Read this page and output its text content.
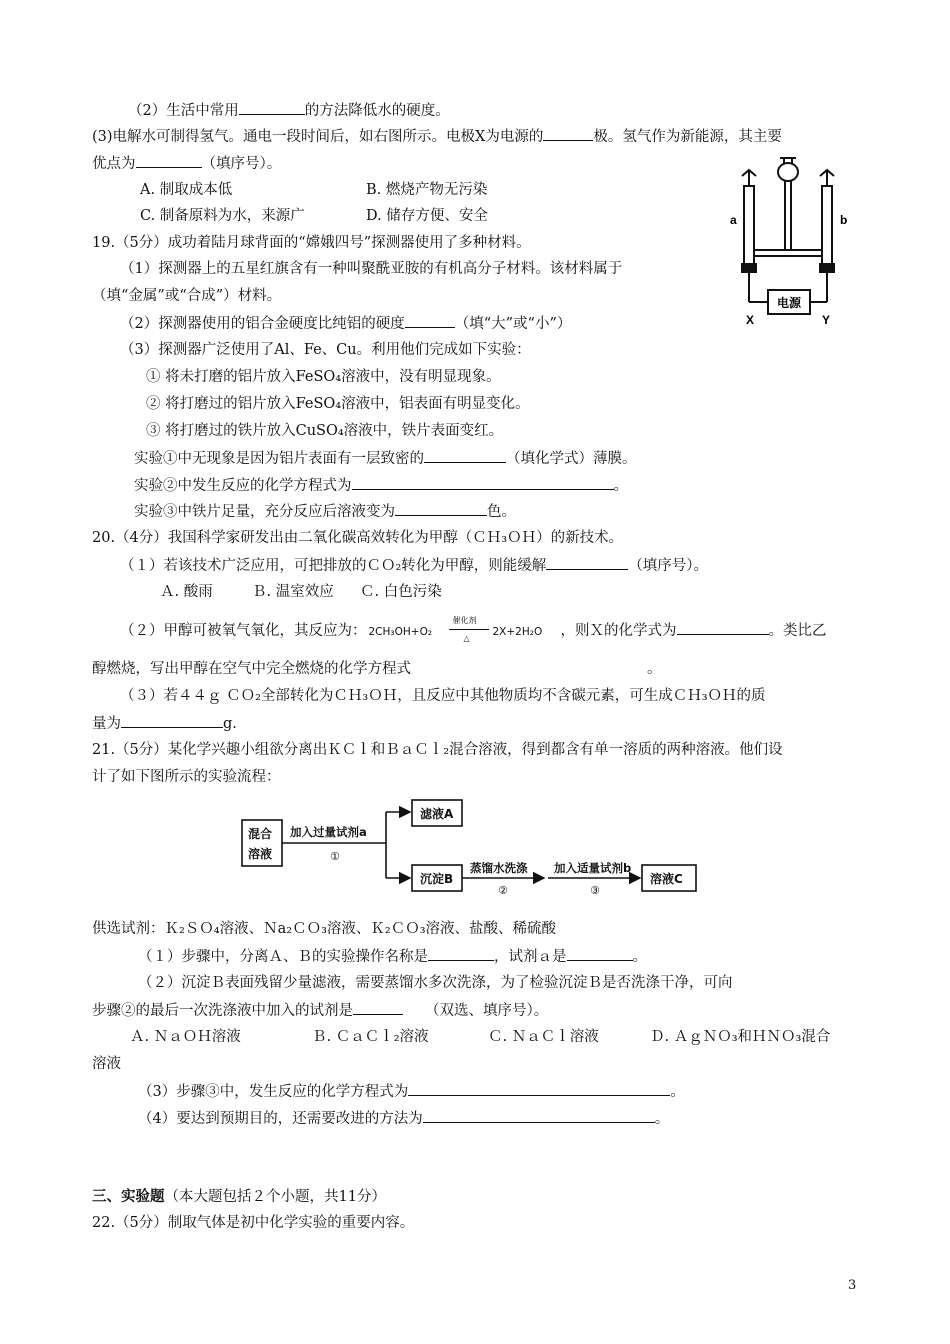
（2）生活中常用	的方法降低水的硬度。
(3)电解水可制得氢气。通电一段时间后，如右图所示。电极X为电源的	极。氢气作为新能源，其主要
优点为	（填序号）。
A. 制取成本低	B. 燃烧产物无污染
C. 制备原料为水，来源广	D. 储存方便、安全	a	b
X	Y
电源
19.（5分）成功着陆月球背面的“嫦娥四号”探测器使用了多种材料。
（1）探测器上的五星红旗含有一种叫聚酰亚胺的有机高分子材料。该材料属于
（填“金属”或“合成”）材料。
（2）探测器使用的铝合金硬度比纯铝的硬度	（填“大”或“小”）
（3）探测器广泛使用了Al、Fe、Cu。利用他们完成如下实验：
① 将未打磨的铝片放入FeSO₄溶液中，没有明显现象。
② 将打磨过的铝片放入FeSO₄溶液中，铝表面有明显变化。
③ 将打磨过的铁片放入CuSO₄溶液中，铁片表面变红。
实验①中无现象是因为铝片表面有一层致密的	（填化学式）薄膜。
实验②中发生反应的化学方程式为	。
实验③中铁片足量，充分反应后溶液变为	色。
20.（4分）我国科学家研发出由二氧化碳高效转化为甲醇（ＣＨ₃ＯＨ）的新技术。
（１）若该技术广泛应用，可把排放的ＣＯ₂转化为甲醇，则能缓解	（填序号）。
Ａ. 酸雨	Ｂ. 温室效应 Ｃ. 白色污染
（２）甲醇可被氧气氧化，其反应为： 2CH₃OH+O₂
催化剂
△
2X+2H₂O ，则Ｘ的化学式为	。类比乙
醇燃烧，写出甲醇在空气中完全燃烧的化学方程式	。
（３）若４４ｇ ＣＯ₂全部转化为ＣＨ₃ＯＨ，且反应中其他物质均不含碳元素，可生成ＣＨ₃ＯＨ的质
量为	g.
21.（5分）某化学兴趣小组欲分离出ＫＣｌ和ＢａＣｌ₂混合溶液，得到都含有单一溶质的两种溶液。他们设
计了如下图所示的实验流程：
混合
溶液
加入过量试剂a
①
滤液A
沉淀B
蒸馏水洗涤
②
加入适量试剂b
③
溶液C
供选试剂：Ｋ₂ＳＯ₄溶液、Ｎa₂ＣＯ₃溶液、Ｋ₂ＣＯ₃溶液、盐酸、稀硫酸
（１）步骤中，分离Ａ、Ｂ的实验操作名称是	，试剂ａ是	。
（２）沉淀Ｂ表面残留少量滤液，需要蒸馏水多次洗涤，为了检验沉淀Ｂ是否洗涤干净，可向
步骤②的最后一次洗涤液中加入的试剂是	（双选、填序号）。
Ａ. ＮａＯＨ溶液	Ｂ. ＣａＣｌ₂溶液	Ｃ. ＮａＣｌ溶液	Ｄ. ＡｇＮＯ₃和ＨＮＯ₃混合
溶液
（3）步骤③中，发生反应的化学方程式为	。
（4）要达到预期目的，还需要改进的方法为	。
三、实验题（本大题包括２个小题，共11分）
22.（5分）制取气体是初中化学实验的重要内容。
3
